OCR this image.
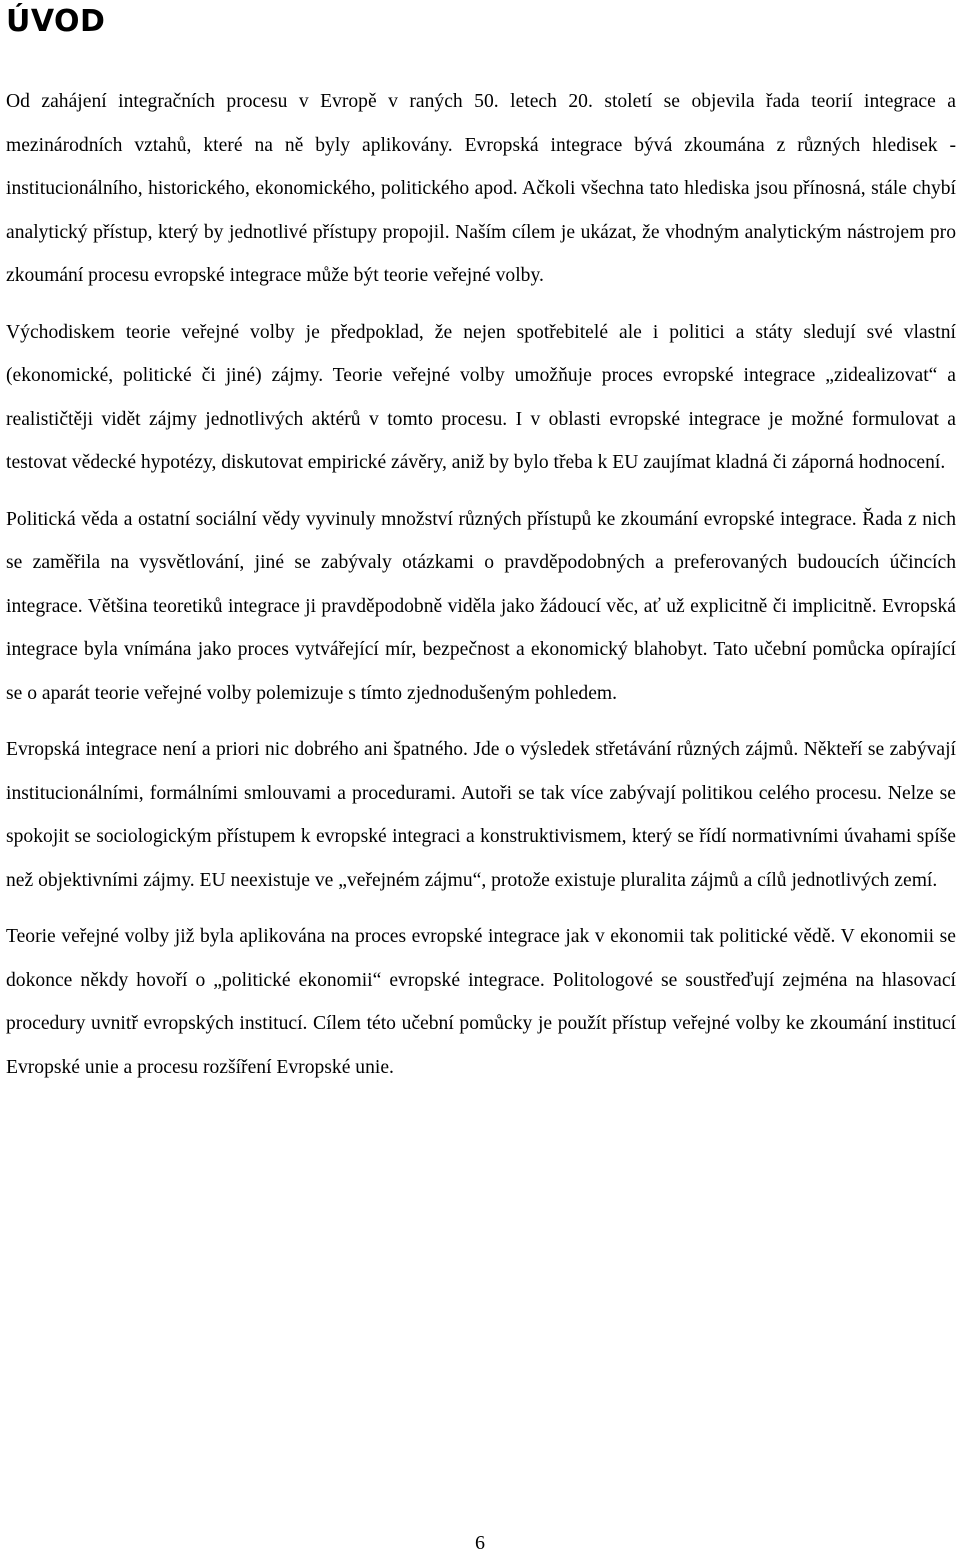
ÚVOD

Od zahájení integračních procesu v Evropě v raných 50. letech 20. století se objevila řada teorií integrace a mezinárodních vztahů, které na ně byly aplikovány. Evropská integrace bývá zkoumána z různých hledisek - institucionálního, historického, ekonomického, politického apod. Ačkoli všechna tato hlediska jsou přínosná, stále chybí analytický přístup, který by jednotlivé přístupy propojil. Naším cílem je ukázat, že vhodným analytickým nástrojem pro zkoumání procesu evropské integrace může být teorie veřejné volby.

Východiskem teorie veřejné volby je předpoklad, že nejen spotřebitelé ale i politici a státy sledují své vlastní (ekonomické, politické či jiné) zájmy. Teorie veřejné volby umožňuje proces evropské integrace „zidealizovat“ a realističtěji vidět zájmy jednotlivých aktérů v tomto procesu. I v oblasti evropské integrace je možné formulovat a testovat vědecké hypotézy, diskutovat empirické závěry, aniž by bylo třeba k EU zaujímat kladná či záporná hodnocení.

Politická věda a ostatní sociální vědy vyvinuly množství různých přístupů ke zkoumání evropské integrace. Řada z nich se zaměřila na vysvětlování, jiné se zabývaly otázkami o pravděpodobných a preferovaných budoucích účincích integrace. Většina teoretiků integrace ji pravděpodobně viděla jako žádoucí věc, ať už explicitně či implicitně. Evropská integrace byla vnímána jako proces vytvářející mír, bezpečnost a ekonomický blahobyt. Tato učební pomůcka opírající se o aparát teorie veřejné volby polemizuje s tímto zjednodušeným pohledem.

Evropská integrace není a priori nic dobrého ani špatného. Jde o výsledek střetávání různých zájmů. Někteří se zabývají institucionálními, formálními smlouvami a procedurami. Autoři se tak více zabývají politikou celého procesu. Nelze se spokojit se sociologickým přístupem k evropské integraci a konstruktivismem, který se řídí normativními úvahami spíše než objektivními zájmy. EU neexistuje ve „veřejném zájmu“, protože existuje pluralita zájmů a cílů jednotlivých zemí.

Teorie veřejné volby již byla aplikována na proces evropské integrace jak v ekonomii tak politické vědě. V ekonomii se dokonce někdy hovoří o „politické ekonomii“ evropské integrace. Politologové se soustřeďují zejména na hlasovací procedury uvnitř evropských institucí. Cílem této učební pomůcky je použít přístup veřejné volby ke zkoumání institucí Evropské unie a procesu rozšíření Evropské unie.

6
